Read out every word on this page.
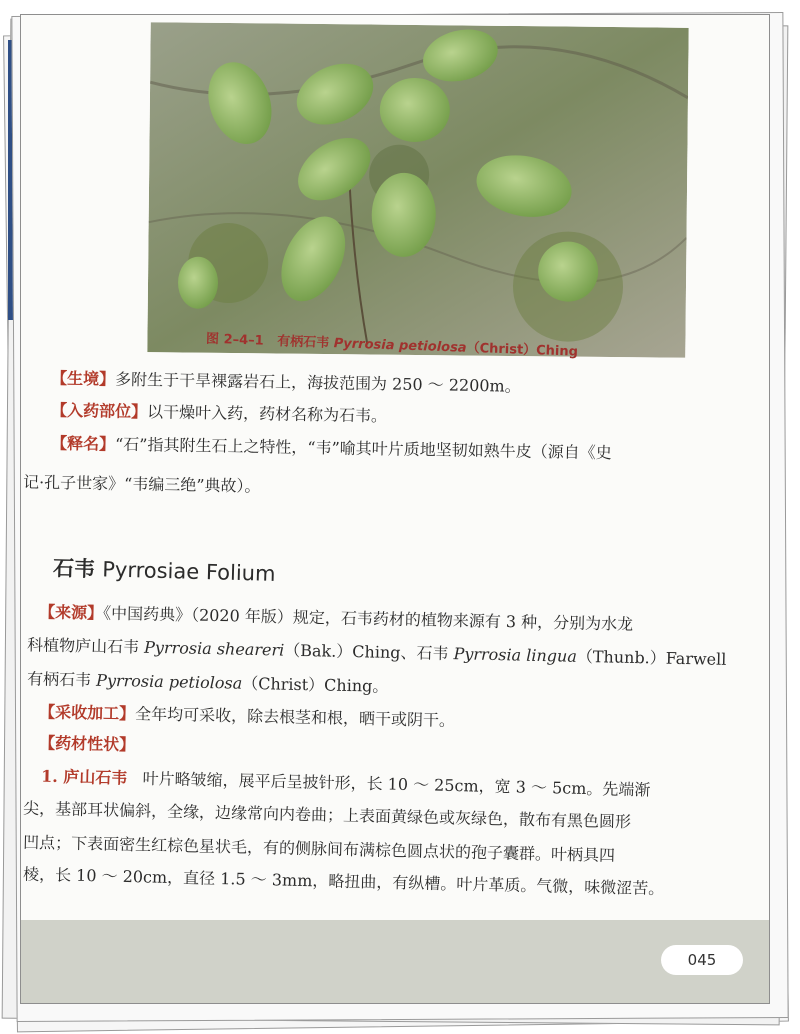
图 2–4–1 有柄石韦 Pyrrosia petiolosa（Christ）Ching
【生境】多附生于干旱裸露岩石上，海拔范围为 250 ～ 2200m。
【入药部位】以干燥叶入药，药材名称为石韦。
【释名】“石”指其附生石上之特性，“韦”喻其叶片质地坚韧如熟牛皮（源自《史
记·孔子世家》“韦编三绝”典故）。
石韦 Pyrrosiae Folium
【来源】《中国药典》（2020 年版）规定，石韦药材的植物来源有 3 种，分别为水龙
科植物庐山石韦 Pyrrosia sheareri（Bak.）Ching、石韦 Pyrrosia lingua（Thunb.）Farwell
有柄石韦 Pyrrosia petiolosa（Christ）Ching。
【采收加工】全年均可采收，除去根茎和根，晒干或阴干。
【药材性状】
1. 庐山石韦 叶片略皱缩，展平后呈披针形，长 10 ～ 25cm，宽 3 ～ 5cm。先端渐
尖，基部耳状偏斜，全缘，边缘常向内卷曲；上表面黄绿色或灰绿色，散布有黑色圆形
凹点；下表面密生红棕色星状毛，有的侧脉间布满棕色圆点状的孢子囊群。叶柄具四
棱，长 10 ～ 20cm，直径 1.5 ～ 3mm，略扭曲，有纵槽。叶片革质。气微，味微涩苦。
045
